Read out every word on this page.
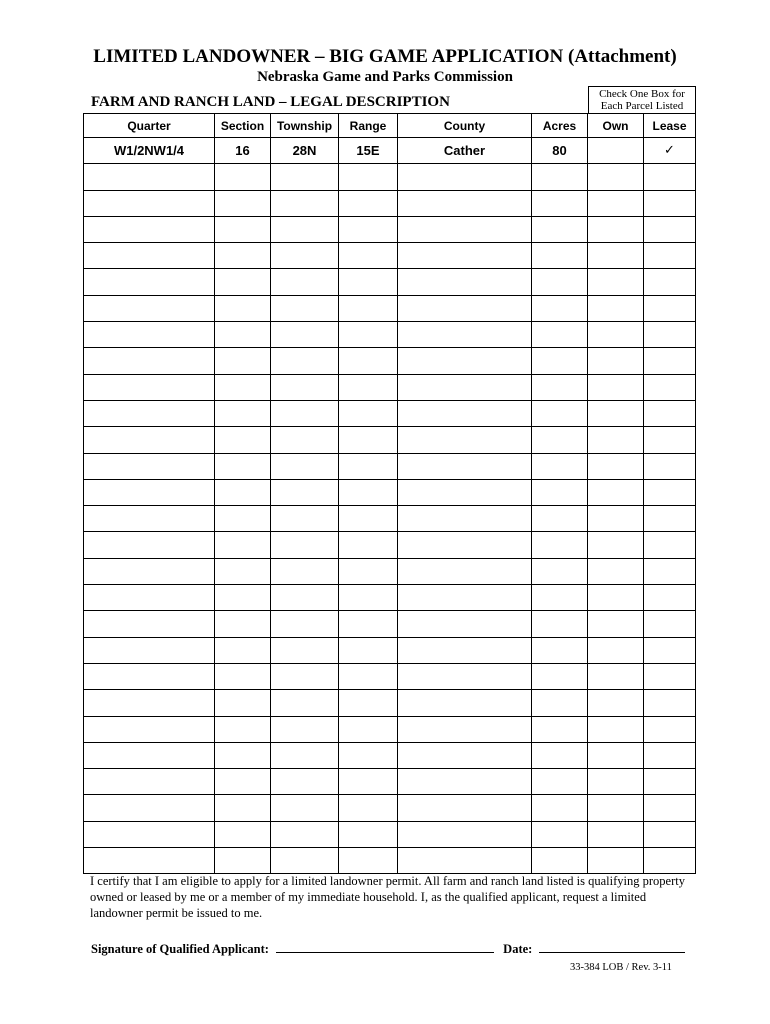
LIMITED LANDOWNER – BIG GAME APPLICATION (Attachment)
Nebraska Game and Parks Commission
FARM AND RANCH LAND – LEGAL DESCRIPTION	Check One Box for Each Parcel Listed
Quarter	Section	Township	Range	County	Acres	Own	Lease
W1/2NW1/4	16	28N	15E	Cather	80		✓

I certify that I am eligible to apply for a limited landowner permit. All farm and ranch land listed is qualifying property owned or leased by me or a member of my immediate household. I, as the qualified applicant, request a limited landowner permit be issued to me.
Signature of Qualified Applicant:	Date:
33-384 LOB / Rev. 3-11
